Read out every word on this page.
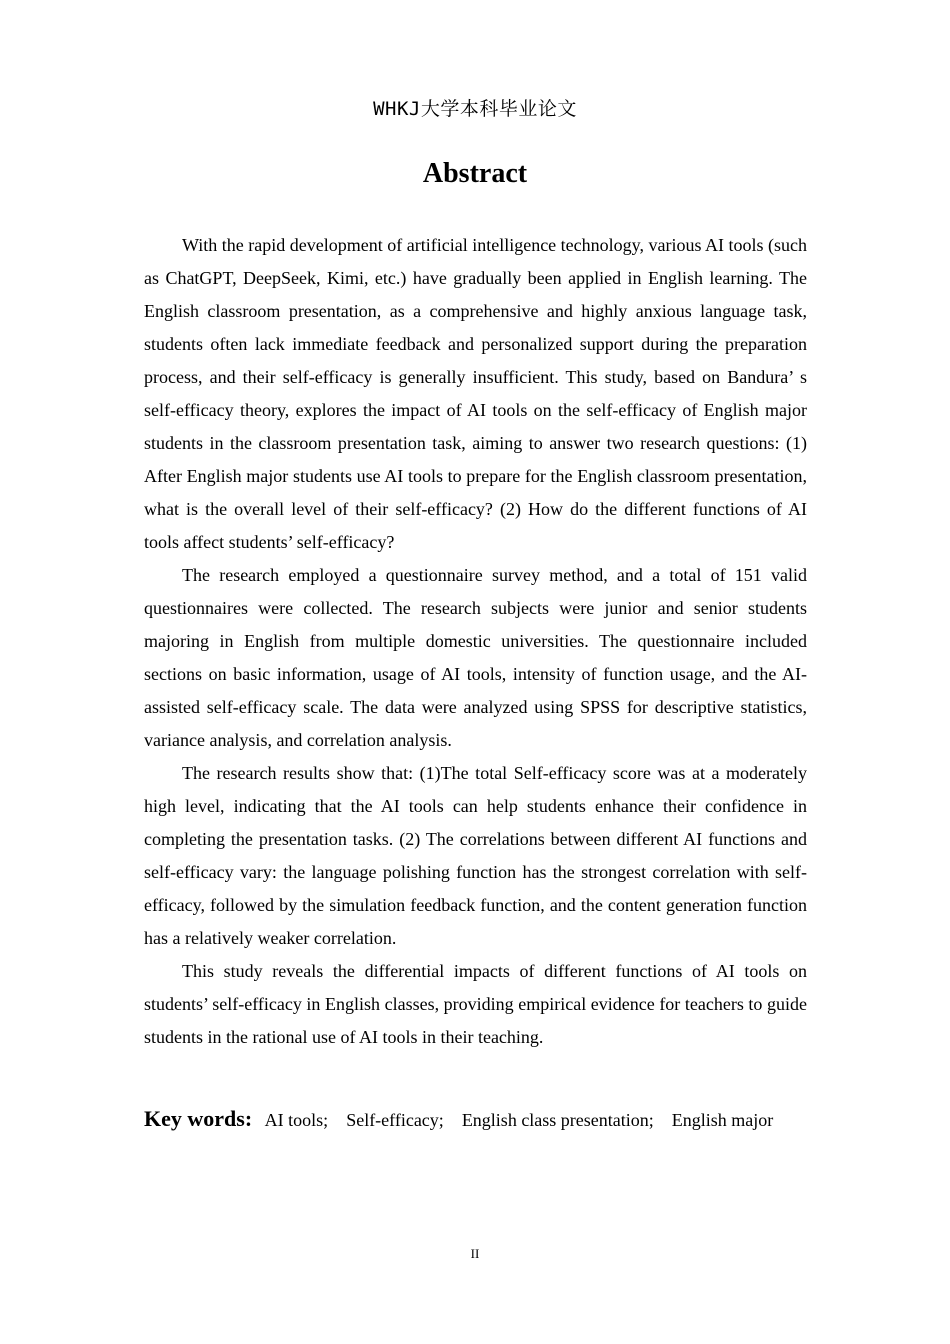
WHKJ大学本科毕业论文
Abstract

With the rapid development of artificial intelligence technology, various AI tools (such as ChatGPT, DeepSeek, Kimi, etc.) have gradually been applied in English learning. The English classroom presentation, as a comprehensive and highly anxious language task, students often lack immediate feedback and personalized support during the preparation process, and their self-efficacy is generally insufficient. This study, based on Bandura’ s self-efficacy theory, explores the impact of AI tools on the self-efficacy of English major students in the classroom presentation task, aiming to answer two research questions: (1) After English major students use AI tools to prepare for the English classroom presentation, what is the overall level of their self-efficacy? (2) How do the different functions of AI tools affect students’ self-efficacy?

The research employed a questionnaire survey method, and a total of 151 valid questionnaires were collected. The research subjects were junior and senior students majoring in English from multiple domestic universities. The questionnaire included sections on basic information, usage of AI tools, intensity of function usage, and the AI-assisted self-efficacy scale. The data were analyzed using SPSS for descriptive statistics, variance analysis, and correlation analysis.

The research results show that: (1)The total Self-efficacy score was at a moderately high level, indicating that the AI tools can help students enhance their confidence in completing the presentation tasks. (2) The correlations between different AI functions and self-efficacy vary: the language polishing function has the strongest correlation with self-efficacy, followed by the simulation feedback function, and the content generation function has a relatively weaker correlation.

This study reveals the differential impacts of different functions of AI tools on students’ self-efficacy in English classes, providing empirical evidence for teachers to guide students in the rational use of AI tools in their teaching.

Key words: AI tools; Self-efficacy; English class presentation; English major
II
